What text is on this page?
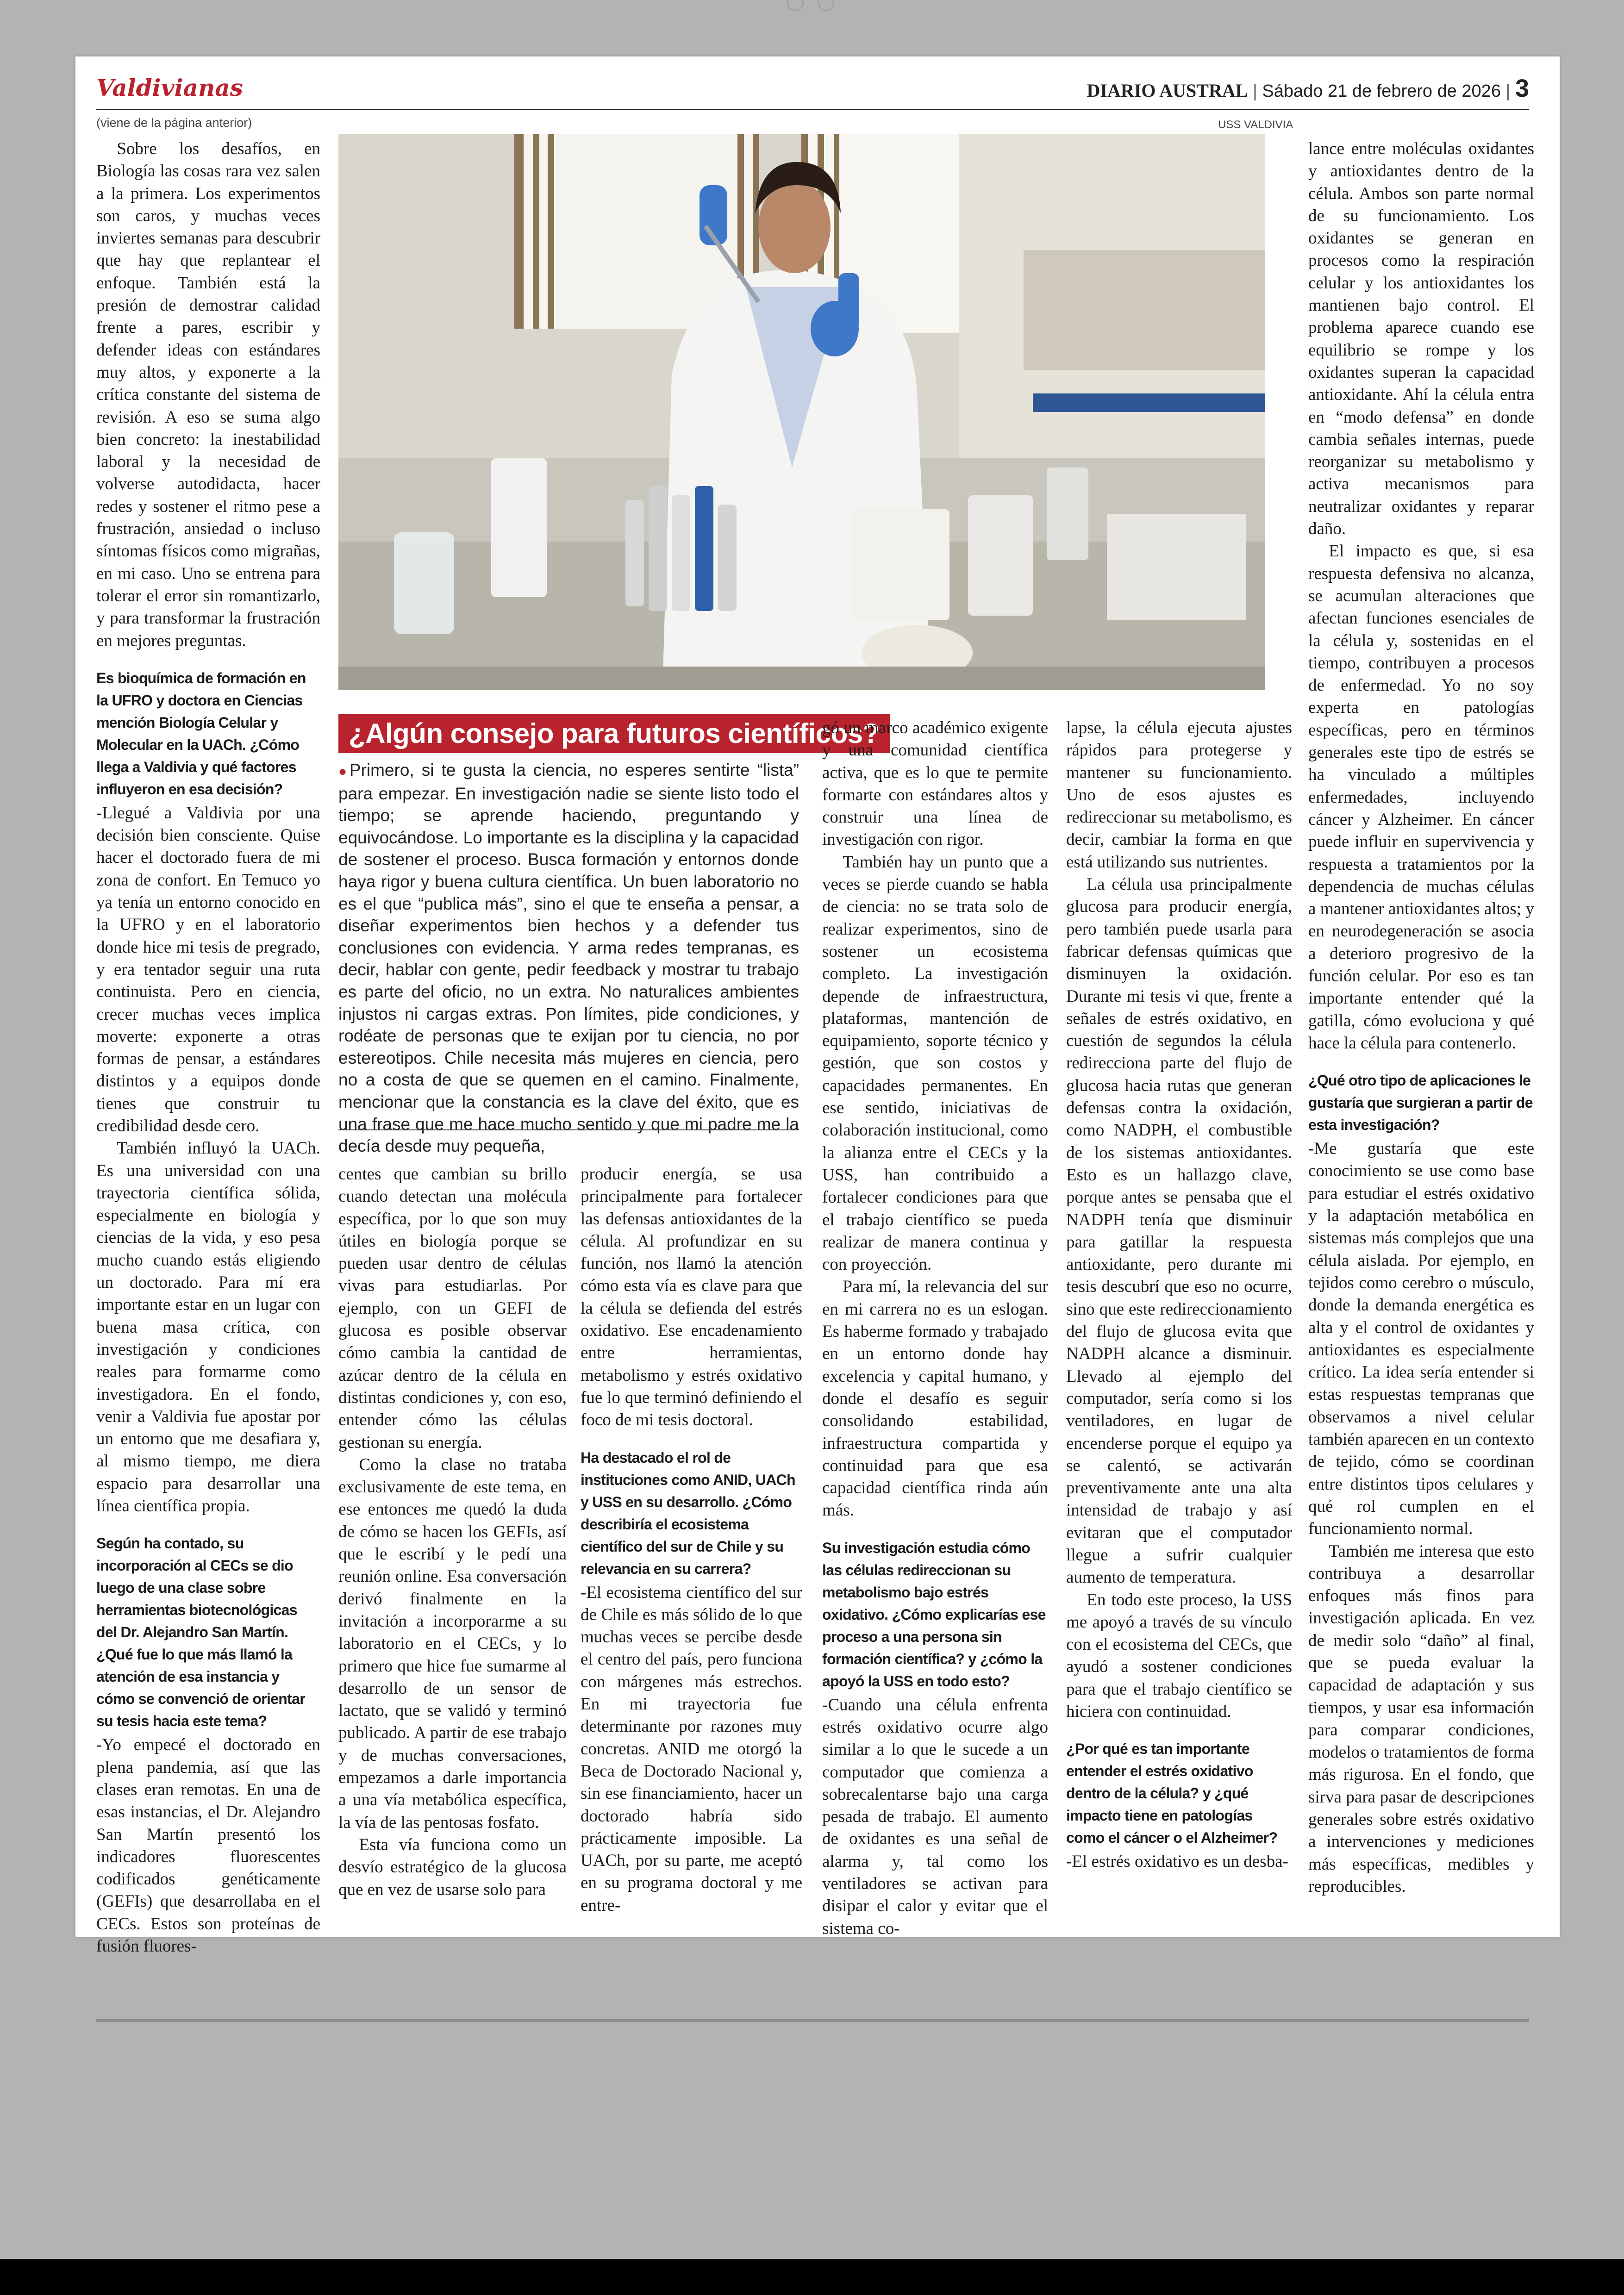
Valdivianas	DIARIO AUSTRAL | Sábado 21 de febrero de 2026 | 3
(viene de la página anterior)	USS VALDIVIA

Sobre los desafíos, en Biología las cosas rara vez salen a la primera. Los experimentos son caros, y muchas veces inviertes semanas para descubrir que hay que replantear el enfoque. También está la presión de demostrar calidad frente a pares, escribir y defender ideas con estándares muy altos, y exponerte a la crítica constante del sistema de revisión. A eso se suma algo bien concreto: la inestabilidad laboral y la necesidad de volverse autodidacta, hacer redes y sostener el ritmo pese a frustración, ansiedad o incluso síntomas físicos como migrañas, en mi caso. Uno se entrena para tolerar el error sin romantizarlo, y para transformar la frustración en mejores preguntas.

Es bioquímica de formación en la UFRO y doctora en Ciencias mención Biología Celular y Molecular en la UACh. ¿Cómo llega a Valdivia y qué factores influyeron en esa decisión?

-Llegué a Valdivia por una decisión bien consciente. Quise hacer el doctorado fuera de mi zona de confort. En Temuco yo ya tenía un entorno conocido en la UFRO y en el laboratorio donde hice mi tesis de pregrado, y era tentador seguir una ruta continuista. Pero en ciencia, crecer muchas veces implica moverte: exponerte a otras formas de pensar, a estándares distintos y a equipos donde tienes que construir tu credibilidad desde cero.

También influyó la UACh. Es una universidad con una trayectoria científica sólida, especialmente en biología y ciencias de la vida, y eso pesa mucho cuando estás eligiendo un doctorado. Para mí era importante estar en un lugar con buena masa crítica, con investigación y condiciones reales para formarme como investigadora. En el fondo, venir a Valdivia fue apostar por un entorno que me desafiara y, al mismo tiempo, me diera espacio para desarrollar una línea científica propia.

Según ha contado, su incorporación al CECs se dio luego de una clase sobre herramientas biotecnológicas del Dr. Alejandro San Martín. ¿Qué fue lo que más llamó la atención de esa instancia y cómo se convenció de orientar su tesis hacia este tema?

-Yo empecé el doctorado en plena pandemia, así que las clases eran remotas. En una de esas instancias, el Dr. Alejandro San Martín presentó los indicadores fluorescentes codificados genéticamente (GEFIs) que desarrollaba en el CECs. Estos son proteínas de fusión fluores-

¿Algún consejo para futuros científicos?
●Primero, si te gusta la ciencia, no esperes sentirte “lista” para empezar. En investigación nadie se siente listo todo el tiempo; se aprende haciendo, preguntando y equivocándose. Lo importante es la disciplina y la capacidad de sostener el proceso. Busca formación y entornos donde haya rigor y buena cultura científica. Un buen laboratorio no es el que “publica más”, sino el que te enseña a pensar, a diseñar experimentos bien hechos y a defender tus conclusiones con evidencia. Y arma redes tempranas, es decir, hablar con gente, pedir feedback y mostrar tu trabajo es parte del oficio, no un extra. No naturalices ambientes injustos ni cargas extras. Pon límites, pide condiciones, y rodéate de personas que te exijan por tu ciencia, no por estereotipos. Chile necesita más mujeres en ciencia, pero no a costa de que se quemen en el camino. Finalmente, mencionar que la constancia es la clave del éxito, que es una frase que me hace mucho sentido y que mi padre me la decía desde muy pequeña,

centes que cambian su brillo cuando detectan una molécula específica, por lo que son muy útiles en biología porque se pueden usar dentro de células vivas para estudiarlas. Por ejemplo, con un GEFI de glucosa es posible observar cómo cambia la cantidad de azúcar dentro de la célula en distintas condiciones y, con eso, entender cómo las células gestionan su energía.

Como la clase no trataba exclusivamente de este tema, en ese entonces me quedó la duda de cómo se hacen los GEFIs, así que le escribí y le pedí una reunión online. Esa conversación derivó finalmente en la invitación a incorporarme a su laboratorio en el CECs, y lo primero que hice fue sumarme al desarrollo de un sensor de lactato, que se validó y terminó publicado. A partir de ese trabajo y de muchas conversaciones, empezamos a darle importancia a una vía metabólica específica, la vía de las pentosas fosfato.

Esta vía funciona como un desvío estratégico de la glucosa que en vez de usarse solo para

producir energía, se usa principalmente para fortalecer las defensas antioxidantes de la célula. Al profundizar en su función, nos llamó la atención cómo esta vía es clave para que la célula se defienda del estrés oxidativo. Ese encadenamiento entre herramientas, metabolismo y estrés oxidativo fue lo que terminó definiendo el foco de mi tesis doctoral.

Ha destacado el rol de instituciones como ANID, UACh y USS en su desarrollo. ¿Cómo describiría el ecosistema científico del sur de Chile y su relevancia en su carrera?

-El ecosistema científico del sur de Chile es más sólido de lo que muchas veces se percibe desde el centro del país, pero funciona con márgenes más estrechos. En mi trayectoria fue determinante por razones muy concretas. ANID me otorgó la Beca de Doctorado Nacional y, sin ese financiamiento, hacer un doctorado habría sido prácticamente imposible. La UACh, por su parte, me aceptó en su programa doctoral y me entre-

gó un marco académico exigente y una comunidad científica activa, que es lo que te permite formarte con estándares altos y construir una línea de investigación con rigor.

También hay un punto que a veces se pierde cuando se habla de ciencia: no se trata solo de realizar experimentos, sino de sostener un ecosistema completo. La investigación depende de infraestructura, plataformas, mantención de equipamiento, soporte técnico y gestión, que son costos y capacidades permanentes. En ese sentido, iniciativas de colaboración institucional, como la alianza entre el CECs y la USS, han contribuido a fortalecer condiciones para que el trabajo científico se pueda realizar de manera continua y con proyección.

Para mí, la relevancia del sur en mi carrera no es un eslogan. Es haberme formado y trabajado en un entorno donde hay excelencia y capital humano, y donde el desafío es seguir consolidando estabilidad, infraestructura compartida y continuidad para que esa capacidad científica rinda aún más.

Su investigación estudia cómo las células redireccionan su metabolismo bajo estrés oxidativo. ¿Cómo explicarías ese proceso a una persona sin formación científica? y ¿cómo la apoyó la USS en todo esto?

-Cuando una célula enfrenta estrés oxidativo ocurre algo similar a lo que le sucede a un computador que comienza a sobrecalentarse bajo una carga pesada de trabajo. El aumento de oxidantes es una señal de alarma y, tal como los ventiladores se activan para disipar el calor y evitar que el sistema co-

lapse, la célula ejecuta ajustes rápidos para protegerse y mantener su funcionamiento. Uno de esos ajustes es redireccionar su metabolismo, es decir, cambiar la forma en que está utilizando sus nutrientes.

La célula usa principalmente glucosa para producir energía, pero también puede usarla para fabricar defensas químicas que disminuyen la oxidación. Durante mi tesis vi que, frente a señales de estrés oxidativo, en cuestión de segundos la célula redirecciona parte del flujo de glucosa hacia rutas que generan defensas contra la oxidación, como NADPH, el combustible de los sistemas antioxidantes. Esto es un hallazgo clave, porque antes se pensaba que el NADPH tenía que disminuir para gatillar la respuesta antioxidante, pero durante mi tesis descubrí que eso no ocurre, sino que este redireccionamiento del flujo de glucosa evita que NADPH alcance a disminuir. Llevado al ejemplo del computador, sería como si los ventiladores, en lugar de encenderse porque el equipo ya se calentó, se activarán preventivamente ante una alta intensidad de trabajo y así evitaran que el computador llegue a sufrir cualquier aumento de temperatura.

En todo este proceso, la USS me apoyó a través de su vínculo con el ecosistema del CECs, que ayudó a sostener condiciones para que el trabajo científico se hiciera con continuidad.

¿Por qué es tan importante entender el estrés oxidativo dentro de la célula? y ¿qué impacto tiene en patologías como el cáncer o el Alzheimer?

-El estrés oxidativo es un desba-

lance entre moléculas oxidantes y antioxidantes dentro de la célula. Ambos son parte normal de su funcionamiento. Los oxidantes se generan en procesos como la respiración celular y los antioxidantes los mantienen bajo control. El problema aparece cuando ese equilibrio se rompe y los oxidantes superan la capacidad antioxidante. Ahí la célula entra en “modo defensa” en donde cambia señales internas, puede reorganizar su metabolismo y activa mecanismos para neutralizar oxidantes y reparar daño.

El impacto es que, si esa respuesta defensiva no alcanza, se acumulan alteraciones que afectan funciones esenciales de la célula y, sostenidas en el tiempo, contribuyen a procesos de enfermedad. Yo no soy experta en patologías específicas, pero en términos generales este tipo de estrés se ha vinculado a múltiples enfermedades, incluyendo cáncer y Alzheimer. En cáncer puede influir en supervivencia y respuesta a tratamientos por la dependencia de muchas células a mantener antioxidantes altos; y en neurodegeneración se asocia a deterioro progresivo de la función celular. Por eso es tan importante entender qué la gatilla, cómo evoluciona y qué hace la célula para contenerlo.

¿Qué otro tipo de aplicaciones le gustaría que surgieran a partir de esta investigación?

-Me gustaría que este conocimiento se use como base para estudiar el estrés oxidativo y la adaptación metabólica en sistemas más complejos que una célula aislada. Por ejemplo, en tejidos como cerebro o músculo, donde la demanda energética es alta y el control de oxidantes y antioxidantes es especialmente crítico. La idea sería entender si estas respuestas tempranas que observamos a nivel celular también aparecen en un contexto de tejido, cómo se coordinan entre distintos tipos celulares y qué rol cumplen en el funcionamiento normal.

También me interesa que esto contribuya a desarrollar enfoques más finos para investigación aplicada. En vez de medir solo “daño” al final, que se pueda evaluar la capacidad de adaptación y sus tiempos, y usar esa información para comparar condiciones, modelos o tratamientos de forma más rigurosa. En el fondo, que sirva para pasar de descripciones generales sobre estrés oxidativo a intervenciones y mediciones más específicas, medibles y reproducibles.
